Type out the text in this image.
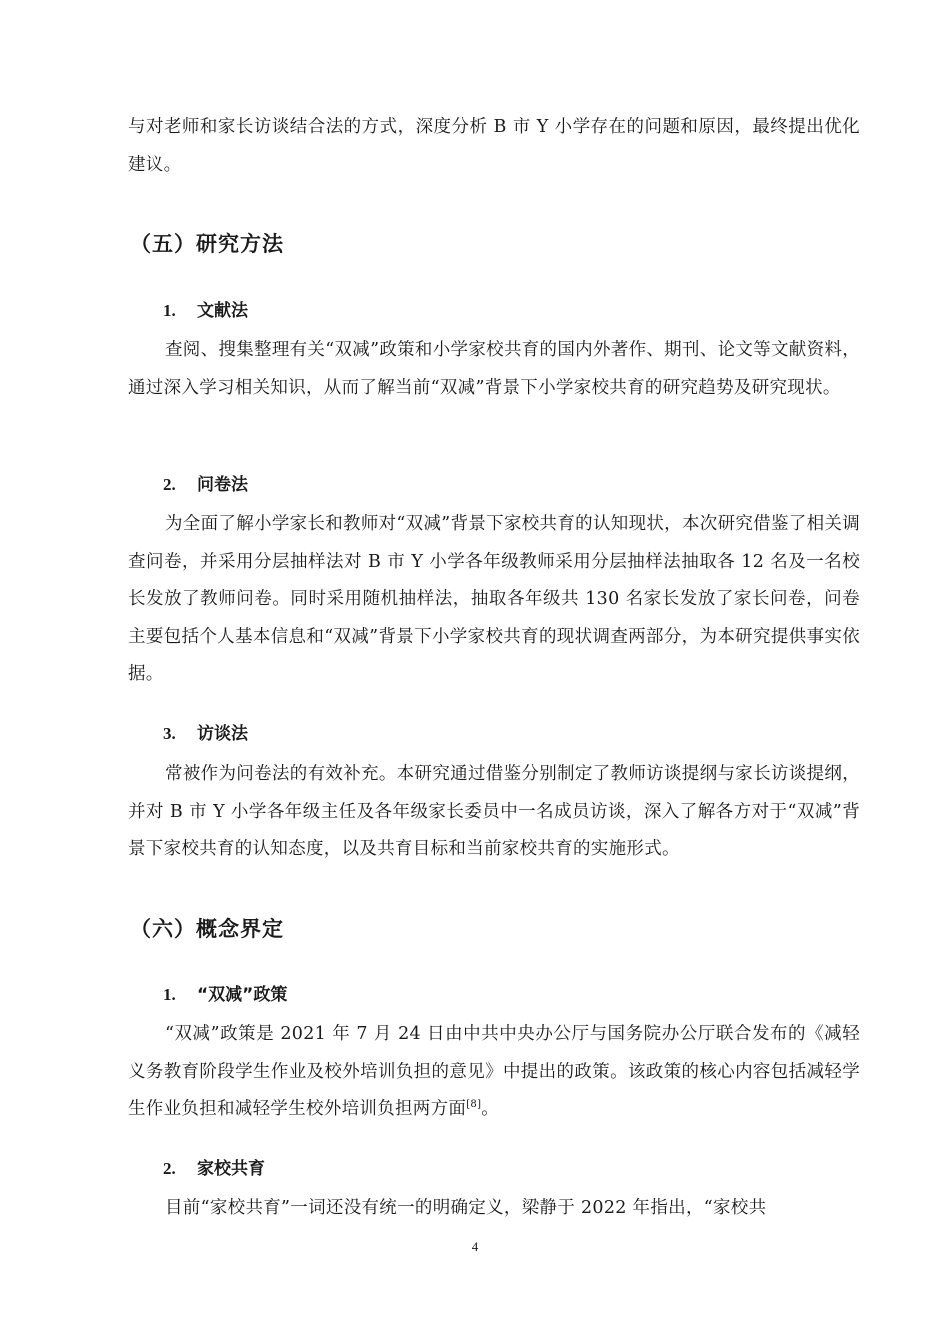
与对老师和家长访谈结合法的方式，深度分析 B 市 Y 小学存在的问题和原因，最终提出优化建议。

（五）研究方法
1. 文献法

查阅、搜集整理有关“双减”政策和小学家校共育的国内外著作、期刊、论文等文献资料，通过深入学习相关知识，从而了解当前“双减”背景下小学家校共育的研究趋势及研究现状。

2. 问卷法

为全面了解小学家长和教师对“双减”背景下家校共育的认知现状，本次研究借鉴了相关调查问卷，并采用分层抽样法对 B 市 Y 小学各年级教师采用分层抽样法抽取各 12 名及一名校长发放了教师问卷。同时采用随机抽样法，抽取各年级共 130 名家长发放了家长问卷，问卷主要包括个人基本信息和“双减”背景下小学家校共育的现状调查两部分，为本研究提供事实依据。

3. 访谈法

常被作为问卷法的有效补充。本研究通过借鉴分别制定了教师访谈提纲与家长访谈提纲，并对 B 市 Y 小学各年级主任及各年级家长委员中一名成员访谈，深入了解各方对于“双减”背景下家校共育的认知态度，以及共育目标和当前家校共育的实施形式。

（六）概念界定
1. “双减”政策

“双减”政策是 2021 年 7 月 24 日由中共中央办公厅与国务院办公厅联合发布的《减轻义务教育阶段学生作业及校外培训负担的意见》中提出的政策。该政策的核心内容包括减轻学生作业负担和减轻学生校外培训负担两方面[8]。

2. 家校共育

目前“家校共育”一词还没有统一的明确定义，梁静于 2022 年指出，“家校共

4
